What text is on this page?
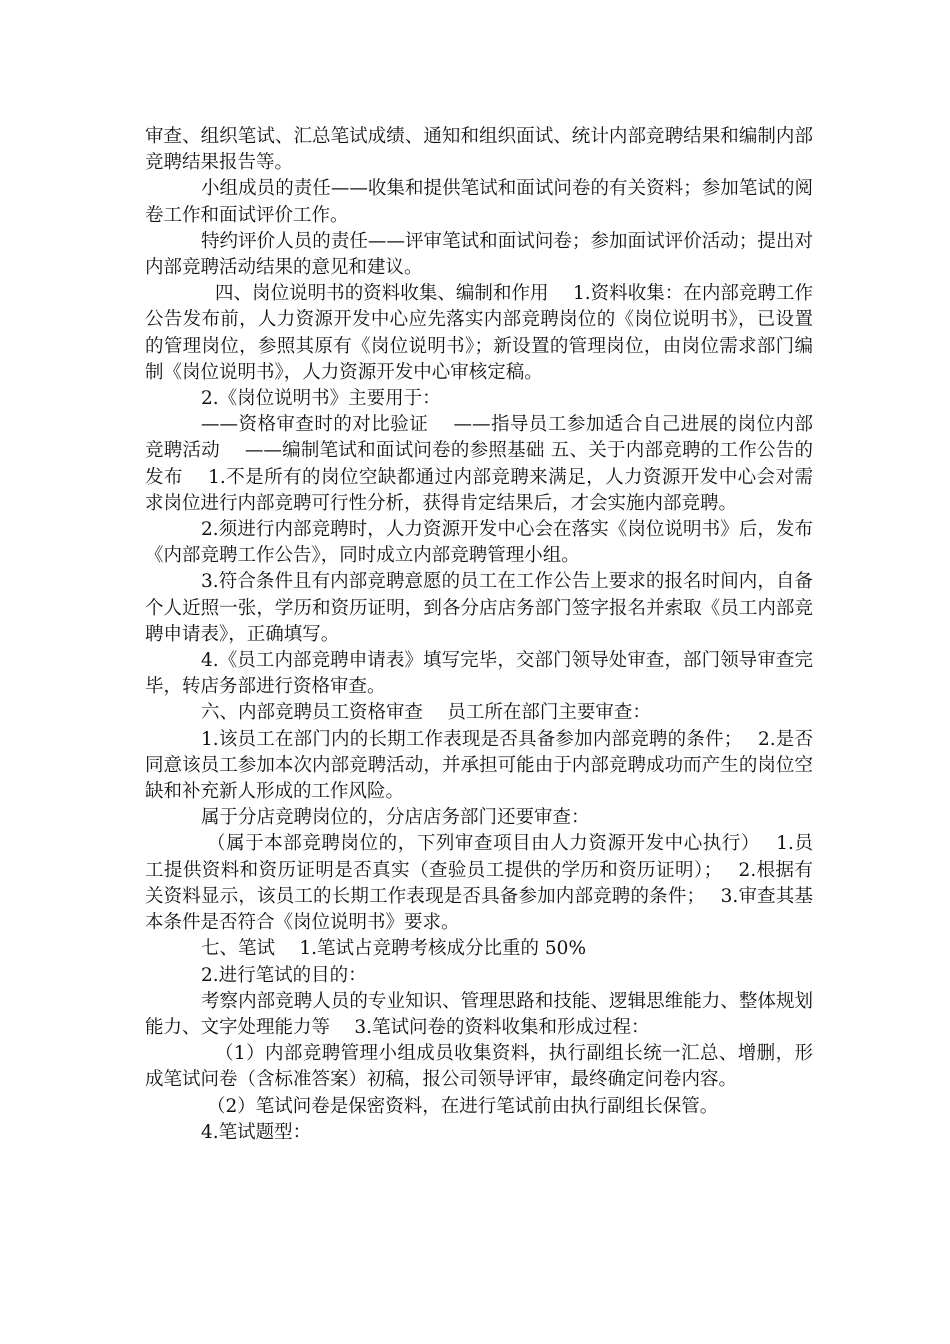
审查、组织笔试、汇总笔试成绩、通知和组织面试、统计内部竞聘结果和编制内部竞聘结果报告等。

小组成员的责任——收集和提供笔试和面试问卷的有关资料；参加笔试的阅卷工作和面试评价工作。

特约评价人员的责任——评审笔试和面试问卷；参加面试评价活动；提出对内部竞聘活动结果的意见和建议。

四、岗位说明书的资料收集、编制和作用　 1.资料收集：在内部竞聘工作公告发布前，人力资源开发中心应先落实内部竞聘岗位的《岗位说明书》，已设置的管理岗位，参照其原有《岗位说明书》；新设置的管理岗位，由岗位需求部门编制《岗位说明书》，人力资源开发中心审核定稿。

2.《岗位说明书》主要用于：

——资格审查时的对比验证　 ——指导员工参加适合自己进展的岗位内部竞聘活动　 ——编制笔试和面试问卷的参照基础 五、关于内部竞聘的工作公告的发布　 1.不是所有的岗位空缺都通过内部竞聘来满足，人力资源开发中心会对需求岗位进行内部竞聘可行性分析，获得肯定结果后，才会实施内部竞聘。

2.须进行内部竞聘时，人力资源开发中心会在落实《岗位说明书》后，发布《内部竞聘工作公告》，同时成立内部竞聘管理小组。

3.符合条件且有内部竞聘意愿的员工在工作公告上要求的报名时间内，自备个人近照一张，学历和资历证明，到各分店店务部门签字报名并索取《员工内部竞聘申请表》，正确填写。

4.《员工内部竞聘申请表》填写完毕，交部门领导处审查，部门领导审查完毕，转店务部进行资格审查。

六、内部竞聘员工资格审查　 员工所在部门主要审查：

1.该员工在部门内的长期工作表现是否具备参加内部竞聘的条件；　 2.是否同意该员工参加本次内部竞聘活动，并承担可能由于内部竞聘成功而产生的岗位空缺和补充新人形成的工作风险。

属于分店竞聘岗位的，分店店务部门还要审查：

（属于本部竞聘岗位的，下列审查项目由人力资源开发中心执行）　 1.员工提供资料和资历证明是否真实（查验员工提供的学历和资历证明）；　 2.根据有关资料显示，该员工的长期工作表现是否具备参加内部竞聘的条件；　 3.审查其基本条件是否符合《岗位说明书》要求。

七、笔试　 1.笔试占竞聘考核成分比重的 50%

2.进行笔试的目的：

考察内部竞聘人员的专业知识、管理思路和技能、逻辑思维能力、整体规划能力、文字处理能力等　 3.笔试问卷的资料收集和形成过程：

（1）内部竞聘管理小组成员收集资料，执行副组长统一汇总、增删，形成笔试问卷（含标准答案）初稿，报公司领导评审，最终确定问卷内容。

（2）笔试问卷是保密资料，在进行笔试前由执行副组长保管。

4.笔试题型：
